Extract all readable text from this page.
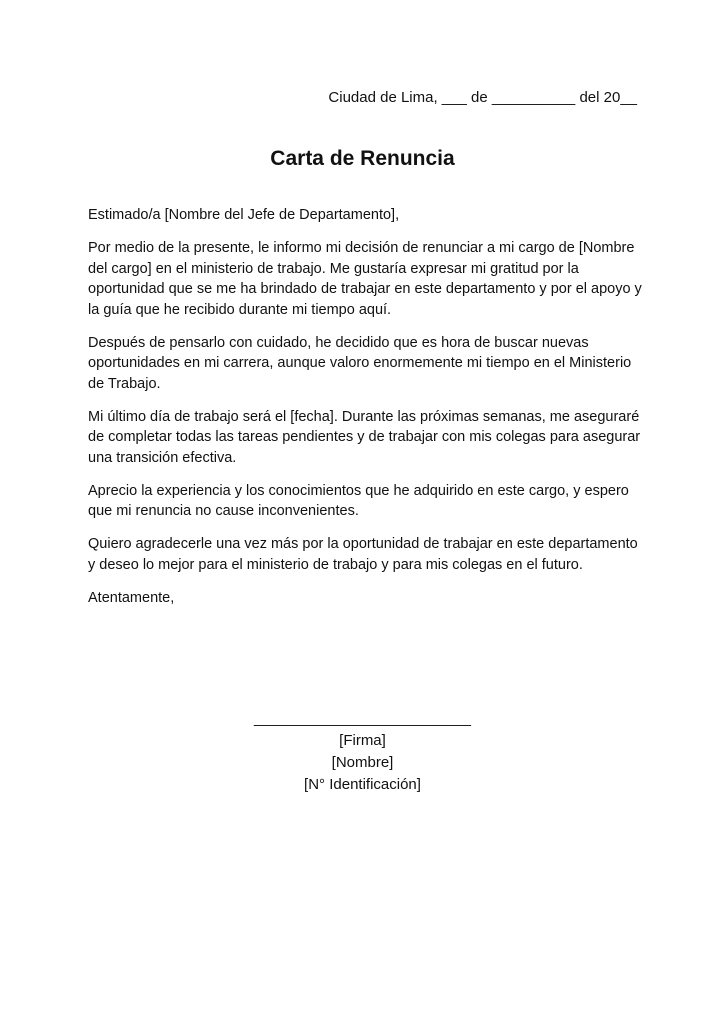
Ciudad de Lima, ___ de __________ del 20__
Carta de Renuncia

Estimado/a [Nombre del Jefe de Departamento],

Por medio de la presente, le informo mi decisión de renunciar a mi cargo de [Nombre del cargo] en el ministerio de trabajo. Me gustaría expresar mi gratitud por la oportunidad que se me ha brindado de trabajar en este departamento y por el apoyo y la guía que he recibido durante mi tiempo aquí.

Después de pensarlo con cuidado, he decidido que es hora de buscar nuevas oportunidades en mi carrera, aunque valoro enormemente mi tiempo en el Ministerio de Trabajo.

Mi último día de trabajo será el [fecha]. Durante las próximas semanas, me aseguraré de completar todas las tareas pendientes y de trabajar con mis colegas para asegurar una transición efectiva.

Aprecio la experiencia y los conocimientos que he adquirido en este cargo, y espero que mi renuncia no cause inconvenientes.

Quiero agradecerle una vez más por la oportunidad de trabajar en este departamento y deseo lo mejor para el ministerio de trabajo y para mis colegas en el futuro.

Atentamente,

__________________________
[Firma]
[Nombre]
[N° Identificación]
